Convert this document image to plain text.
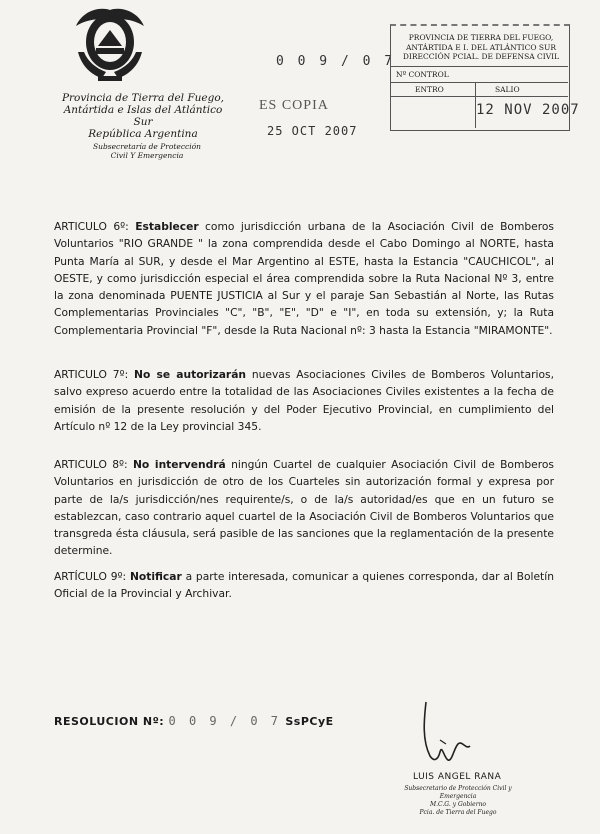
Provincia de Tierra del Fuego,
Antártida e Islas del Atlántico Sur
República Argentina
Subsecretaría de Protección
Civil Y Emergencia
0 0 9 / 0 7
ES COPIA
25 OCT 2007
PROVINCIA DE TIERRA DEL FUEGO,
ANTÁRTIDA E I. DEL ATLÁNTICO SUR
DIRECCIÓN PCIAL. DE DEFENSA CIVIL
Nº CONTROL
ENTRO	SALIO
12 NOV 2007
ARTICULO 6º: Establecer como jurisdicción urbana de la Asociación Civil de Bomberos Voluntarios "RIO GRANDE " la zona comprendida desde el Cabo Domingo al NORTE, hasta Punta María al SUR, y desde el Mar Argentino al ESTE, hasta la Estancia "CAUCHICOL", al OESTE, y como jurisdicción especial el área comprendida sobre la Ruta Nacional Nº 3, entre la zona denominada PUENTE JUSTICIA al Sur y el paraje San Sebastián al Norte, las Rutas Complementarias Provinciales "C", "B", "E", "D" e "I", en toda su extensión, y; la Ruta Complementaria Provincial "F", desde la Ruta Nacional nº: 3 hasta la Estancia "MIRAMONTE".
ARTICULO 7º: No se autorizarán nuevas Asociaciones Civiles de Bomberos Voluntarios, salvo expreso acuerdo entre la totalidad de las Asociaciones Civiles existentes a la fecha de emisión de la presente resolución y del Poder Ejecutivo Provincial, en cumplimiento del Artículo nº 12 de la Ley provincial 345.
ARTICULO 8º: No intervendrá ningún Cuartel de cualquier Asociación Civil de Bomberos Voluntarios en jurisdicción de otro de los Cuarteles sin autorización formal y expresa por parte de la/s jurisdicción/nes requirente/s, o de la/s autoridad/es que en un futuro se establezcan, caso contrario aquel cuartel de la Asociación Civil de Bomberos Voluntarios que transgreda ésta cláusula, será pasible de las sanciones que la reglamentación de la presente determine.
ARTÍCULO 9º: Notificar a parte interesada, comunicar a quienes corresponda, dar al Boletín Oficial de la Provincial y Archivar.
RESOLUCION Nº: 0 0 9 / 0 7 SsPCyE
LUIS ANGEL RANA
Subsecretario de Protección Civil y Emergencia
M.C.G. y Gobierno
Pcia. de Tierra del Fuego
